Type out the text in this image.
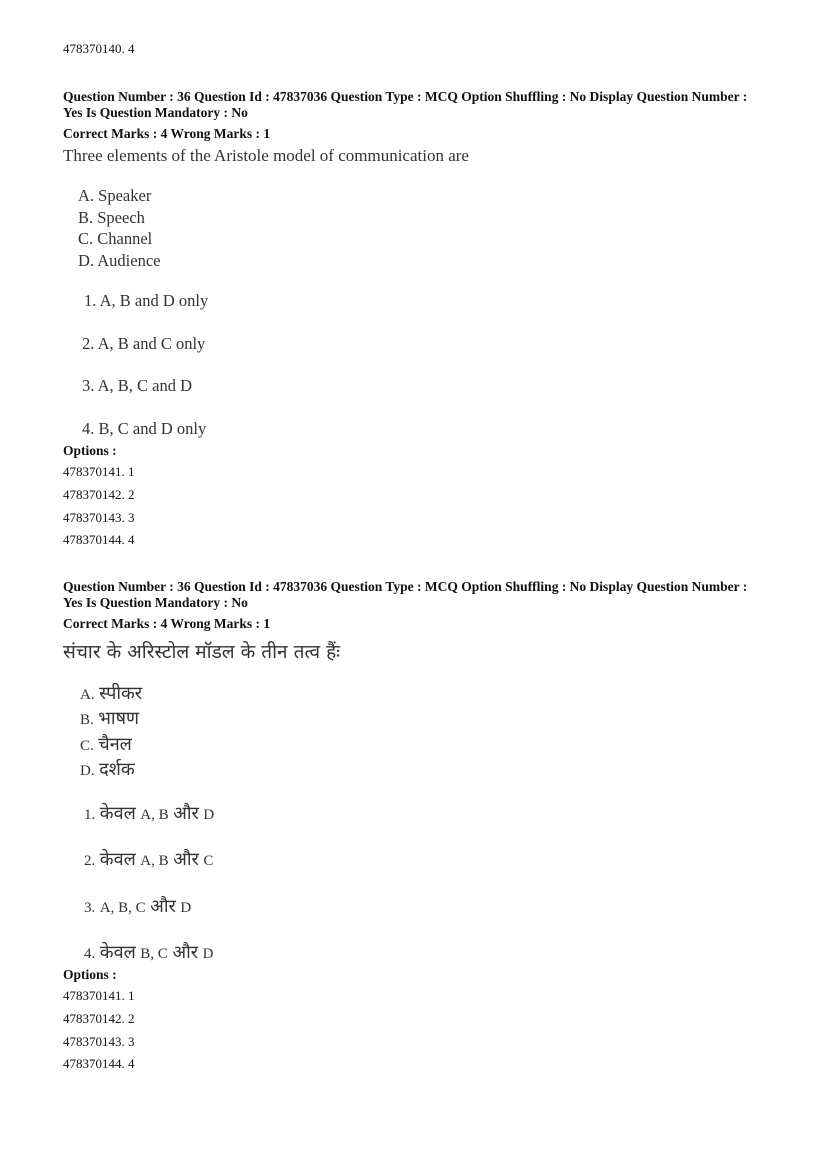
478370140. 4
Question Number : 36 Question Id : 47837036 Question Type : MCQ Option Shuffling : No Display Question Number : Yes Is Question Mandatory : No
Correct Marks : 4 Wrong Marks : 1
Three elements of the Aristole model of communication are
A. Speaker
B. Speech
C. Channel
D. Audience
1. A, B and D only
2. A, B and C only
3. A, B, C and D
4. B, C and D only
Options :
478370141. 1
478370142. 2
478370143. 3
478370144. 4
Question Number : 36 Question Id : 47837036 Question Type : MCQ Option Shuffling : No Display Question Number : Yes Is Question Mandatory : No
Correct Marks : 4 Wrong Marks : 1
संचार के अरिस्टोल मॉडल के तीन तत्व हैंः
A. स्पीकर
B. भाषण
C. चैनल
D. दर्शक
1. केवल A, B और D
2. केवल A, B और C
3. A, B, C और D
4. केवल B, C और D
Options :
478370141. 1
478370142. 2
478370143. 3
478370144. 4
